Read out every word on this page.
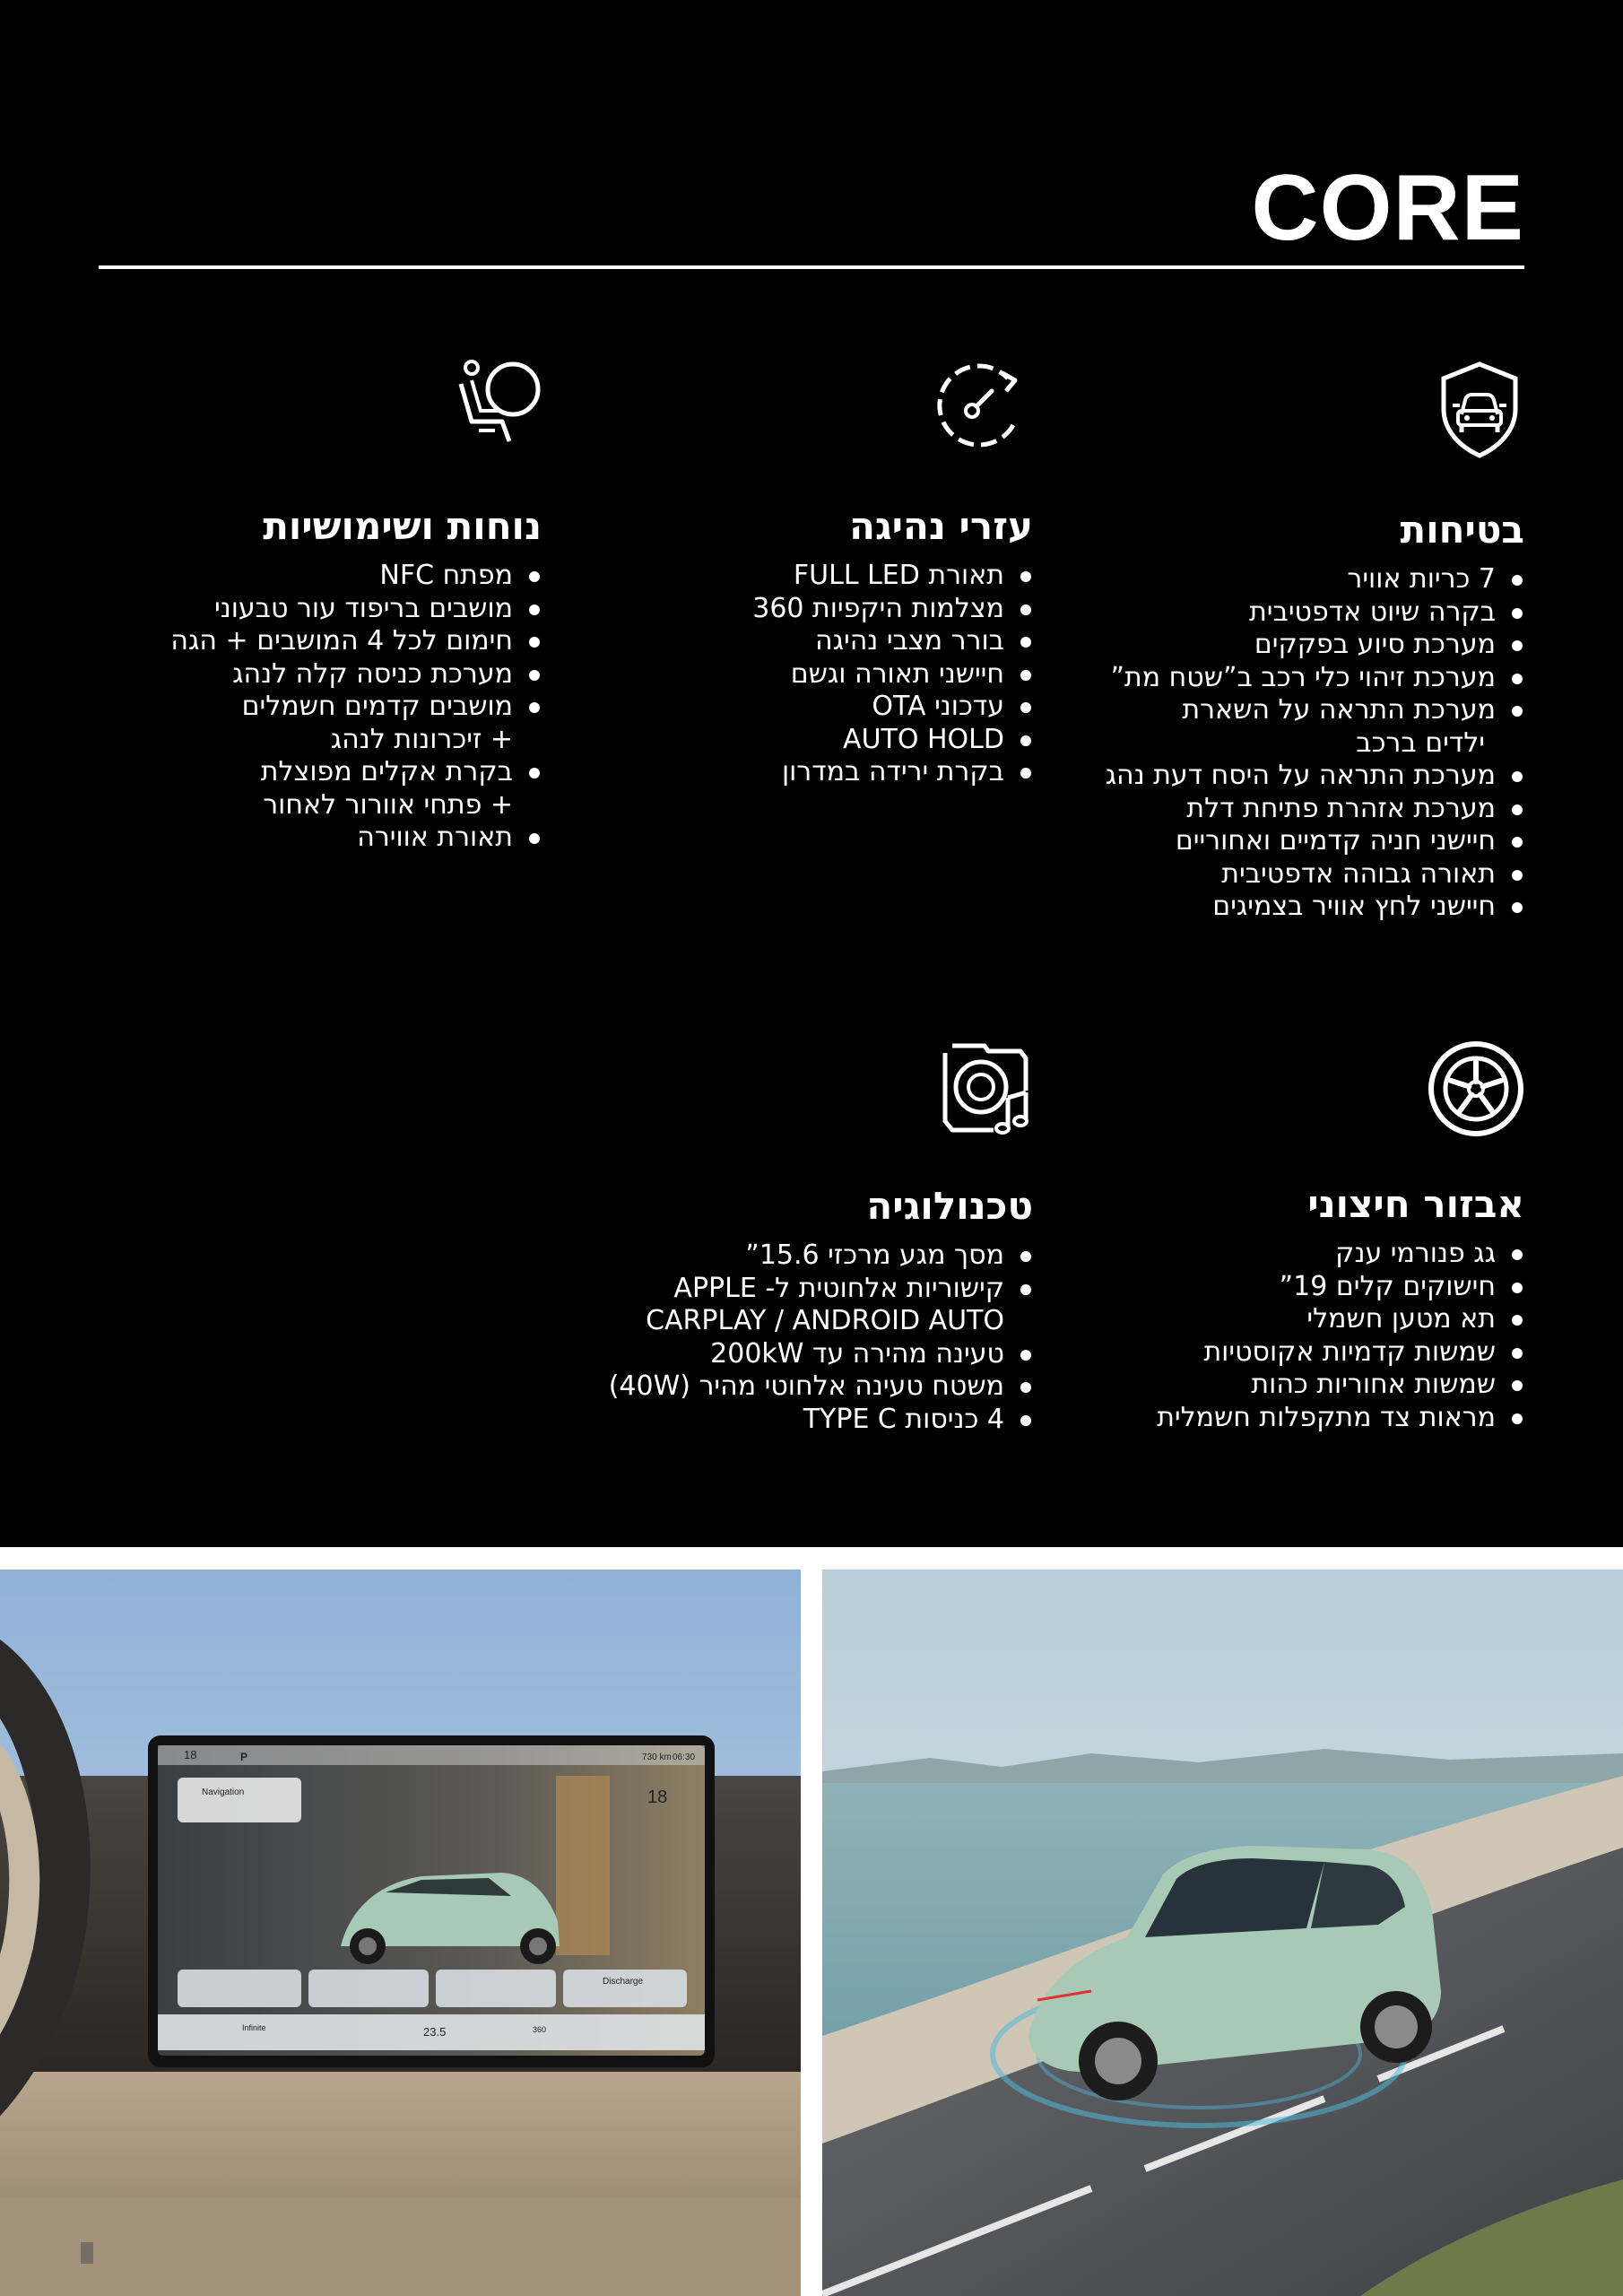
CORE
בטיחות
7 כריות אוויר
בקרה שיוט אדפטיבית
מערכת סיוע בפקקים
מערכת זיהוי כלי רכב ב”שטח מת”
מערכת התראה על השארת
ילדים ברכב
מערכת התראה על היסח דעת נהג
מערכת אזהרת פתיחת דלת
חיישני חניה קדמיים ואחוריים
תאורה גבוהה אדפטיבית
חיישני לחץ אוויר בצמיגים
עזרי נהיגה
תאורת FULL LED
מצלמות היקפיות 360
בורר מצבי נהיגה
חיישני תאורה וגשם
עדכוני OTA
AUTO HOLD
בקרת ירידה במדרון
נוחות ושימושיות
מפתח NFC
מושבים בריפוד עור טבעוני
חימום לכל 4 המושבים + הגה
מערכת כניסה קלה לנהג
מושבים קדמים חשמלים
+ זיכרונות לנהג
בקרת אקלים מפוצלת
+ פתחי אוורור לאחור
תאורת אווירה
אבזור חיצוני
גג פנורמי ענק
חישוקים קלים 19”
תא מטען חשמלי
שמשות קדמיות אקוסטיות
שמשות אחוריות כהות
מראות צד מתקפלות חשמלית
טכנולוגיה
מסך מגע מרכזי 15.6”
קישוריות אלחוטית ל- APPLE
CARPLAY / ANDROID AUTO
טעינה מהירה עד 200kW
משטח טעינה אלחוטי מהיר (40W)
4 כניסות TYPE C
18	P	730 km 06:30
Navigation	18
Discharge
Infinite	23.5	360
